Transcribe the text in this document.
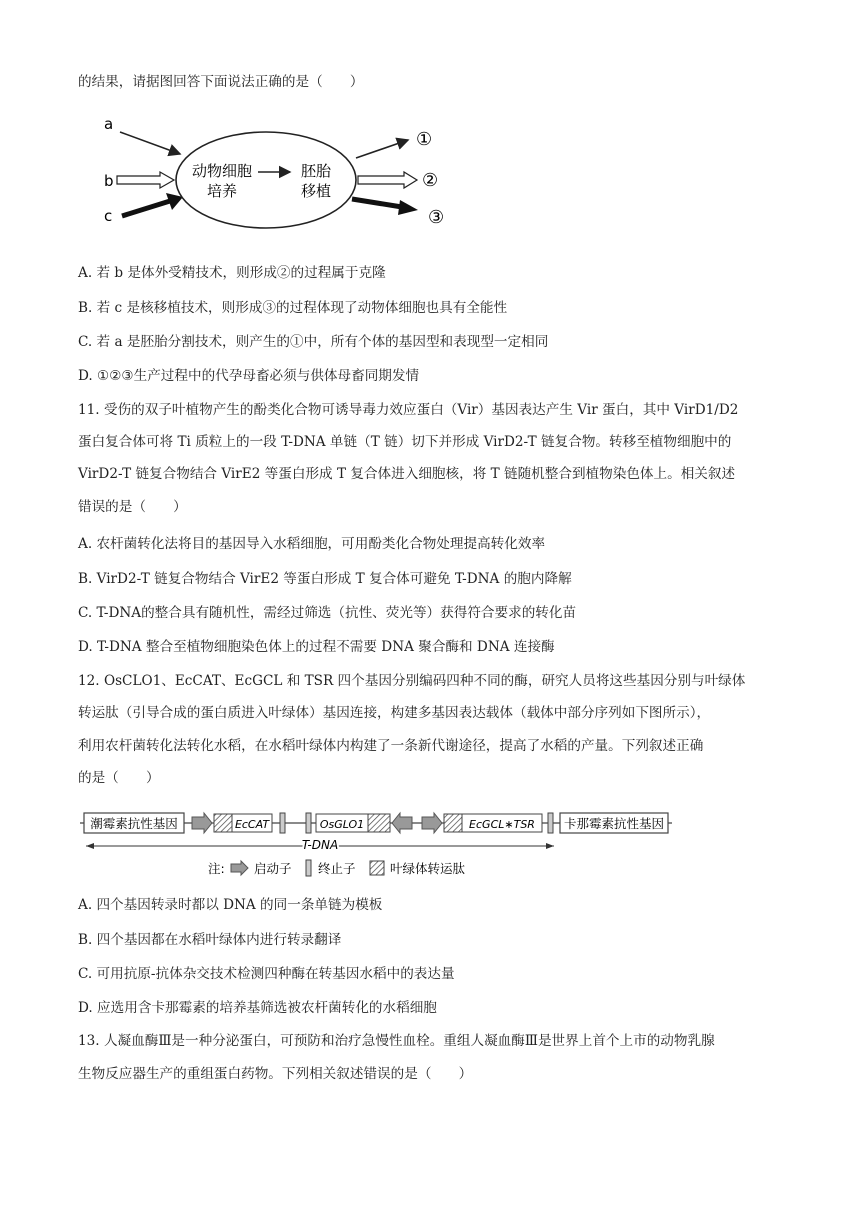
的结果，请据图回答下面说法正确的是（　　）
a
b
c
动物细胞
培养
胚胎
移植
①
②
③
A. 若 b 是体外受精技术，则形成②的过程属于克隆
B. 若 c 是核移植技术，则形成③的过程体现了动物体细胞也具有全能性
C. 若 a 是胚胎分割技术，则产生的①中，所有个体的基因型和表现型一定相同
D. ①②③生产过程中的代孕母畜必须与供体母畜同期发情
11. 受伤的双子叶植物产生的酚类化合物可诱导毒力效应蛋白（Vir）基因表达产生 Vir 蛋白，其中 VirD1/D2
蛋白复合体可将 Ti 质粒上的一段 T-DNA 单链（T 链）切下并形成 VirD2-T 链复合物。转移至植物细胞中的
VirD2-T 链复合物结合 VirE2 等蛋白形成 T 复合体进入细胞核，将 T 链随机整合到植物染色体上。相关叙述
错误的是（　　）
A. 农杆菌转化法将目的基因导入水稻细胞，可用酚类化合物处理提高转化效率
B. VirD2-T 链复合物结合 VirE2 等蛋白形成 T 复合体可避免 T-DNA 的胞内降解
C. T-DNA的整合具有随机性，需经过筛选（抗性、荧光等）获得符合要求的转化苗
D. T-DNA 整合至植物细胞染色体上的过程不需要 DNA 聚合酶和 DNA 连接酶
12. OsCLO1、EcCAT、EcGCL 和 TSR 四个基因分别编码四种不同的酶，研究人员将这些基因分别与叶绿体
转运肽（引导合成的蛋白质进入叶绿体）基因连接，构建多基因表达载体（载体中部分序列如下图所示），
利用农杆菌转化法转化水稻，在水稻叶绿体内构建了一条新代谢途径，提高了水稻的产量。下列叙述正确
的是（　　）
潮霉素抗性基因	EcCAT	OsGLO1	EcGCL∗TSR 卡那霉素抗性基因
T-DNA
注: 启动子 终止子	叶绿体转运肽
A. 四个基因转录时都以 DNA 的同一条单链为模板
B. 四个基因都在水稻叶绿体内进行转录翻译
C. 可用抗原-抗体杂交技术检测四种酶在转基因水稻中的表达量
D. 应选用含卡那霉素的培养基筛选被农杆菌转化的水稻细胞
13. 人凝血酶Ⅲ是一种分泌蛋白，可预防和治疗急慢性血栓。重组人凝血酶Ⅲ是世界上首个上市的动物乳腺
生物反应器生产的重组蛋白药物。下列相关叙述错误的是（　　）
